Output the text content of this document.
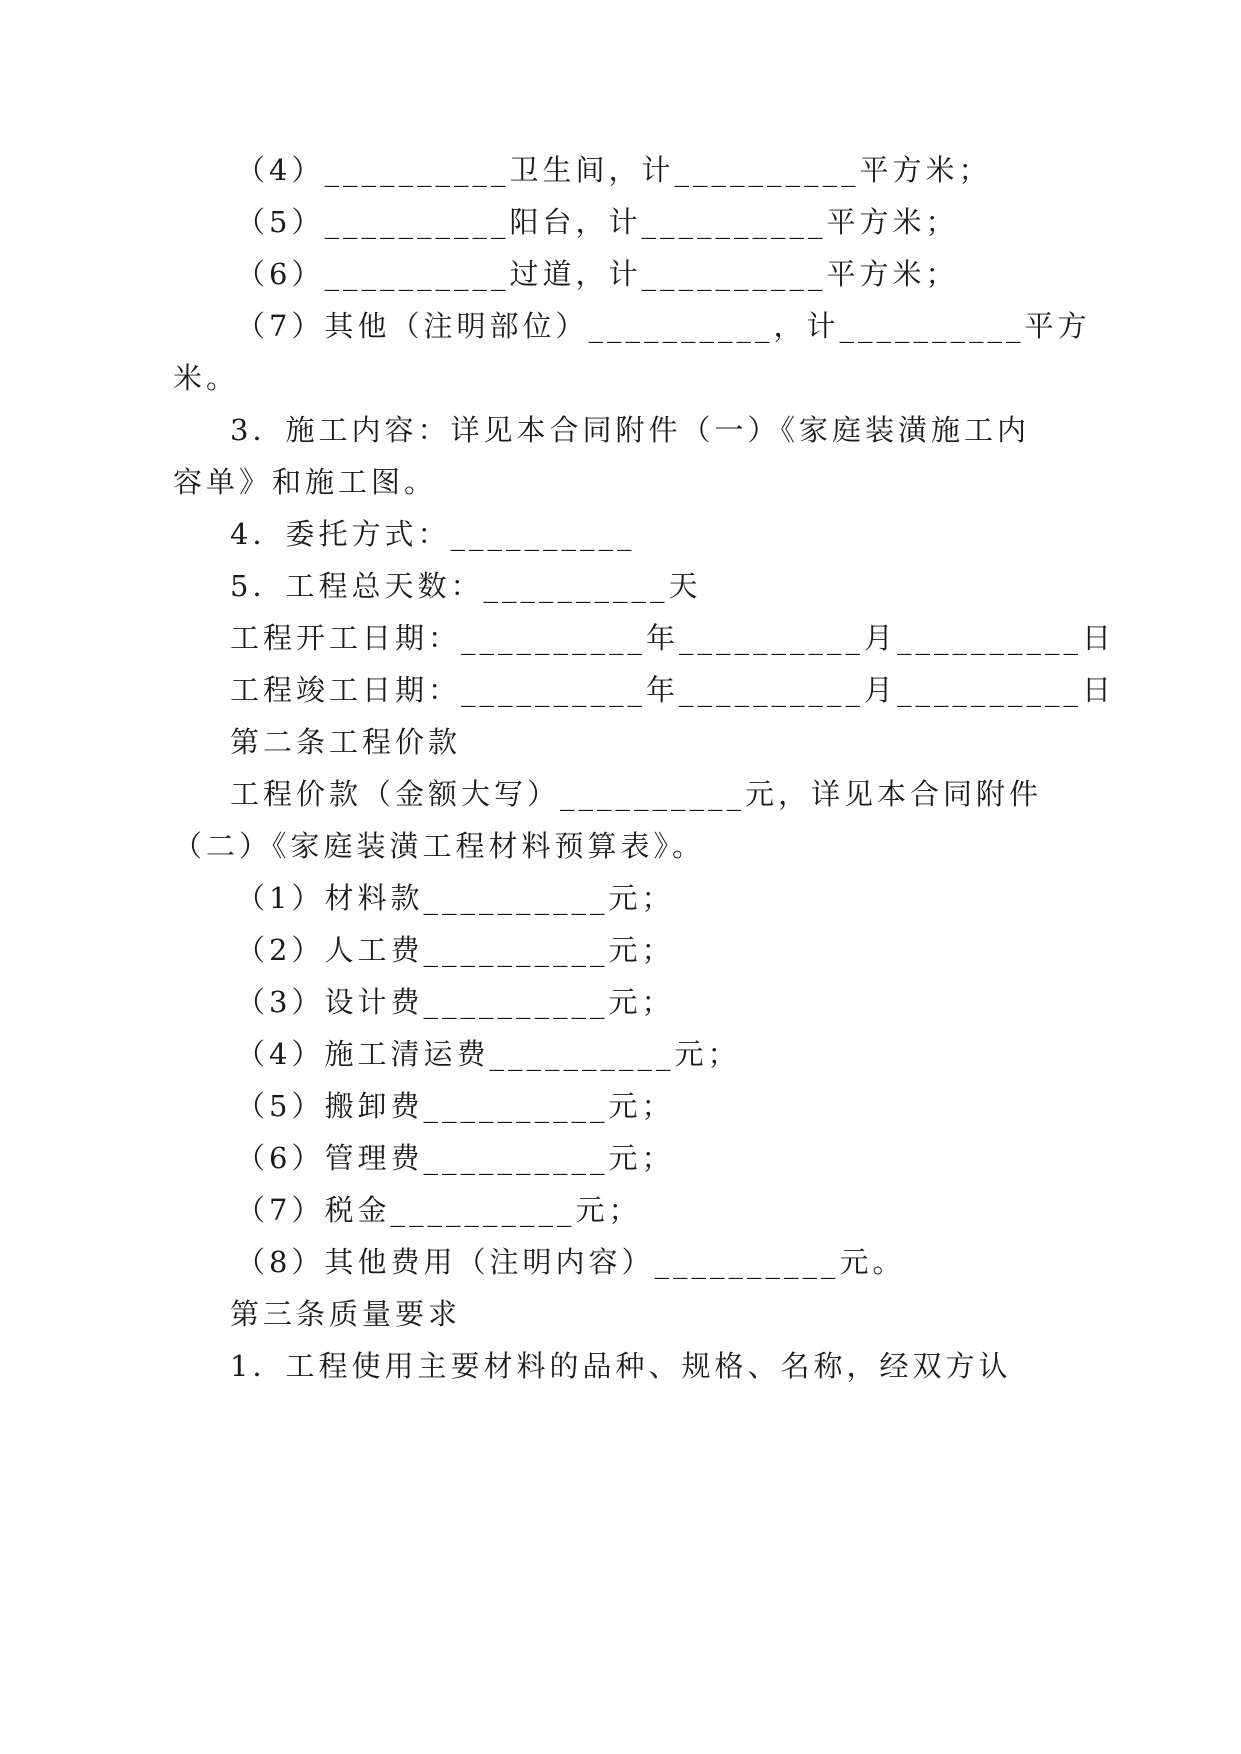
（4）__________卫生间，计__________平方米；
（5）__________阳台，计__________平方米；
（6）__________过道，计__________平方米；
（7）其他（注明部位）__________，计__________平方
米。
3．施工内容：详见本合同附件（一）《家庭装潢施工内
容单》和施工图。
4．委托方式：__________
5．工程总天数：__________天
工程开工日期：__________年__________月__________日
工程竣工日期：__________年__________月__________日
第二条工程价款
工程价款（金额大写）__________元，详见本合同附件
（二）《家庭装潢工程材料预算表》。
（1）材料款__________元；
（2）人工费__________元；
（3）设计费__________元；
（4）施工清运费__________元；
（5）搬卸费__________元；
（6）管理费__________元；
（7）税金__________元；
（8）其他费用（注明内容）__________元。
第三条质量要求
1．工程使用主要材料的品种、规格、名称，经双方认
